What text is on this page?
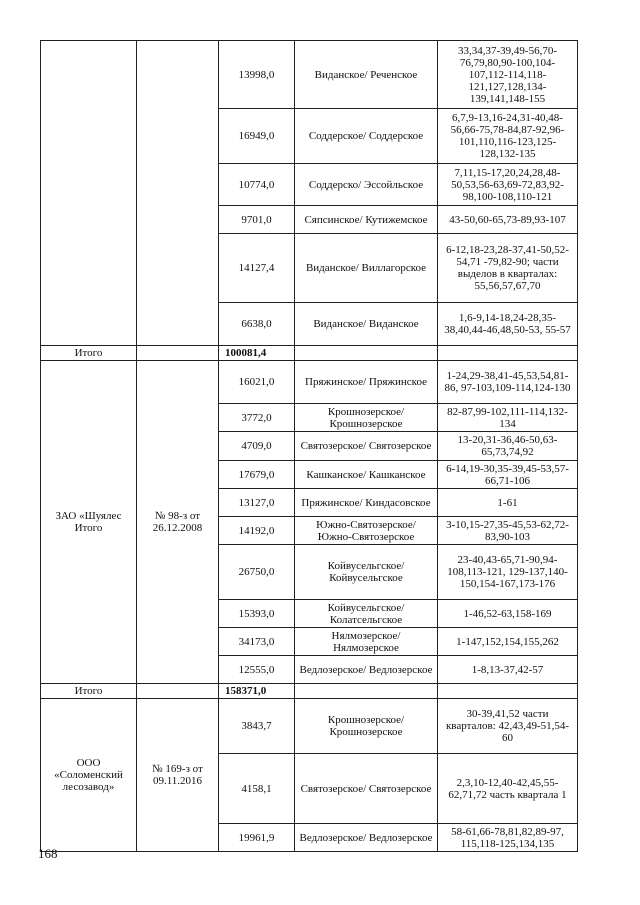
		13998,0	Виданское/ Реченское	33,34,37-39,49-56,70-76,79,80,90-100,104-107,112-114,118-121,127,128,134-139,141,148-155
		16949,0	Соддерское/ Соддерское	6,7,9-13,16-24,31-40,48-56,66-75,78-84,87-92,96-101,110,116-123,125-128,132-135
		10774,0	Соддерско/ Эссойльское	7,11,15-17,20,24,28,48-50,53,56-63,69-72,83,92-98,100-108,110-121
		9701,0	Сяпсинское/ Кутижемское	43-50,60-65,73-89,93-107
		14127,4	Виданское/ Виллагорское	6-12,18-23,28-37,41-50,52-54,71 -79,82-90; части выделов в кварталах: 55,56,57,67,70
		6638,0	Виданское/ Виданское	1,6-9,14-18,24-28,35-38,40,44-46,48,50-53, 55-57
Итого		100081,4		
ЗАО «Шуялес Итого	№ 98-з от 26.12.2008	16021,0	Пряжинское/ Пряжинское	1-24,29-38,41-45,53,54,81-86, 97-103,109-114,124-130
		3772,0	Крошнозерское/ Крошнозерское	82-87,99-102,111-114,132-134
		4709,0	Святозерское/ Святозерское	13-20,31-36,46-50,63-65,73,74,92
		17679,0	Кашканское/ Кашканское	6-14,19-30,35-39,45-53,57-66,71-106
		13127,0	Пряжинское/ Киндасовское	1-61
		14192,0	Южно-Святозерское/ Южно-Святозерское	3-10,15-27,35-45,53-62,72-83,90-103
		26750,0	Койвусельгское/ Койвусельгское	23-40,43-65,71-90,94-108,113-121, 129-137,140-150,154-167,173-176
		15393,0	Койвусельгское/ Колатсельгское	1-46,52-63,158-169
		34173,0	Нялмозерское/ Нялмозерское	1-147,152,154,155,262
		12555,0	Ведлозерское/ Ведлозерское	1-8,13-37,42-57
Итого		158371,0		
ООО «Соломенский лесозавод»	№ 169-з от 09.11.2016	3843,7	Крошнозерское/ Крошнозерское	30-39,41,52 части кварталов: 42,43,49-51,54-60
		4158,1	Святозерское/ Святозерское	2,3,10-12,40-42,45,55-62,71,72 часть квартала 1
		19961,9	Ведлозерское/ Ведлозерское	58-61,66-78,81,82,89-97, 115,118-125,134,135
168
